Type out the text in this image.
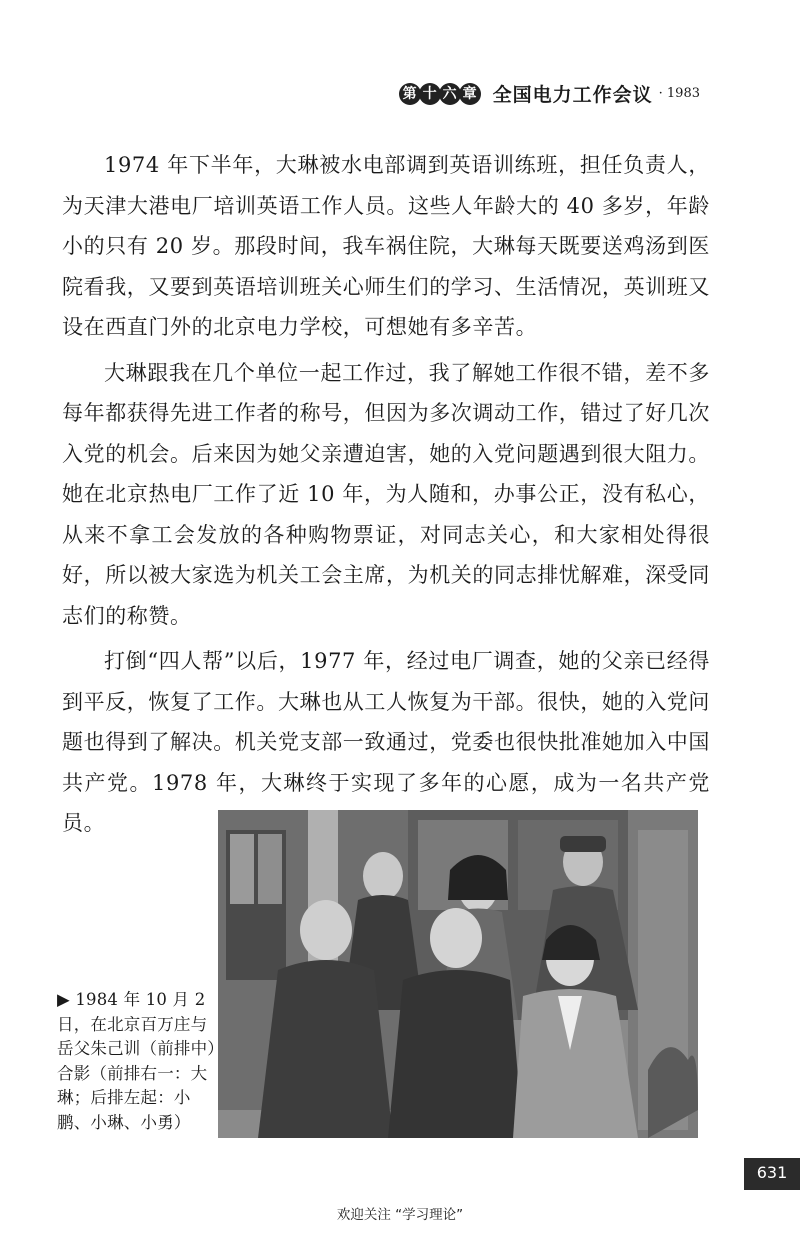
第 十 六 章 全国电力工作会议 · 1983

1974 年下半年，大琳被水电部调到英语训练班，担任负责人，为天津大港电厂培训英语工作人员。这些人年龄大的 40 多岁，年龄小的只有 20 岁。那段时间，我车祸住院，大琳每天既要送鸡汤到医院看我，又要到英语培训班关心师生们的学习、生活情况，英训班又设在西直门外的北京电力学校，可想她有多辛苦。

大琳跟我在几个单位一起工作过，我了解她工作很不错，差不多每年都获得先进工作者的称号，但因为多次调动工作，错过了好几次入党的机会。后来因为她父亲遭迫害，她的入党问题遇到很大阻力。她在北京热电厂工作了近 10 年，为人随和，办事公正，没有私心，从来不拿工会发放的各种购物票证，对同志关心，和大家相处得很好，所以被大家选为机关工会主席，为机关的同志排忧解难，深受同志们的称赞。

打倒“四人帮”以后，1977 年，经过电厂调查，她的父亲已经得到平反，恢复了工作。大琳也从工人恢复为干部。很快，她的入党问题也得到了解决。机关党支部一致通过，党委也很快批准她加入中国共产党。1978 年，大琳终于实现了多年的心愿，成为一名共产党员。

▶ 1984 年 10 月 2 日，在北京百万庄与岳父朱己训（前排中）合影（前排右一：大琳；后排左起：小鹏、小琳、小勇）
631
欢迎关注 “学习理论”
